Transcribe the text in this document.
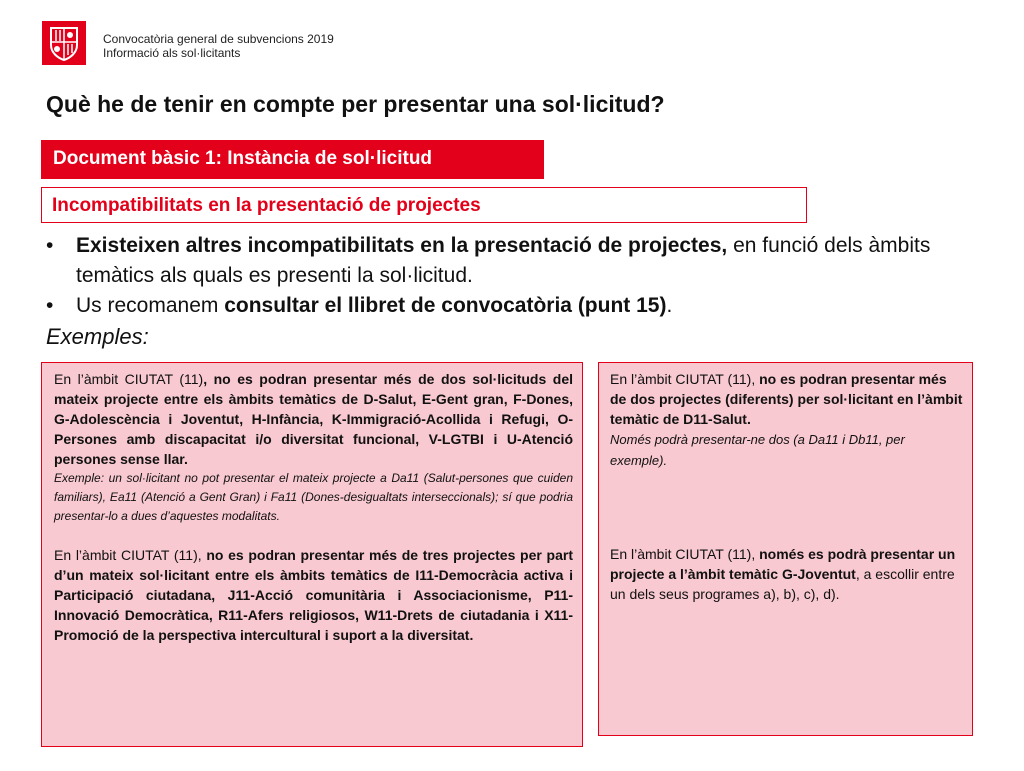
Convocatòria general de subvencions 2019
Informació als sol·licitants
Què he de tenir en compte per presentar una sol·licitud?
Document bàsic 1: Instància de sol·licitud
Incompatibilitats en la presentació de projectes
•	Existeixen altres incompatibilitats en la presentació de projectes, en funció dels àmbits temàtics als quals es presenti la sol·licitud.
•	Us recomanem consultar el llibret de convocatòria (punt 15).
Exemples:

En l’àmbit CIUTAT (11), no es podran presentar més de dos sol·licituds del mateix projecte entre els àmbits temàtics de D-Salut, E-Gent gran, F-Dones, G-Adolescència i Joventut, H-Infància, K-Immigració-Acollida i Refugi, O-Persones amb discapacitat i/o diversitat funcional, V-LGTBI i U-Atenció persones sense llar.

Exemple: un sol·licitant no pot presentar el mateix projecte a Da11 (Salut-persones que cuiden familiars), Ea11 (Atenció a Gent Gran) i Fa11 (Dones-desigualtats interseccionals); sí que podria presentar-lo a dues d’aquestes modalitats.

En l’àmbit CIUTAT (11), no es podran presentar més de tres projectes per part d’un mateix sol·licitant entre els àmbits temàtics de I11-Democràcia activa i Participació ciutadana, J11-Acció comunitària i Associacionisme, P11- Innovació Democràtica, R11-Afers religiosos, W11-Drets de ciutadania i X11-Promoció de la perspectiva intercultural i suport a la diversitat.

En l’àmbit CIUTAT (11), no es podran presentar més de dos projectes (diferents) per sol·licitant en l’àmbit temàtic de D11-Salut.

Només podrà presentar-ne dos (a Da11 i Db11, per exemple).

En l’àmbit CIUTAT (11), només es podrà presentar un projecte a l’àmbit temàtic G-Joventut, a escollir entre un dels seus programes a), b), c), d).
